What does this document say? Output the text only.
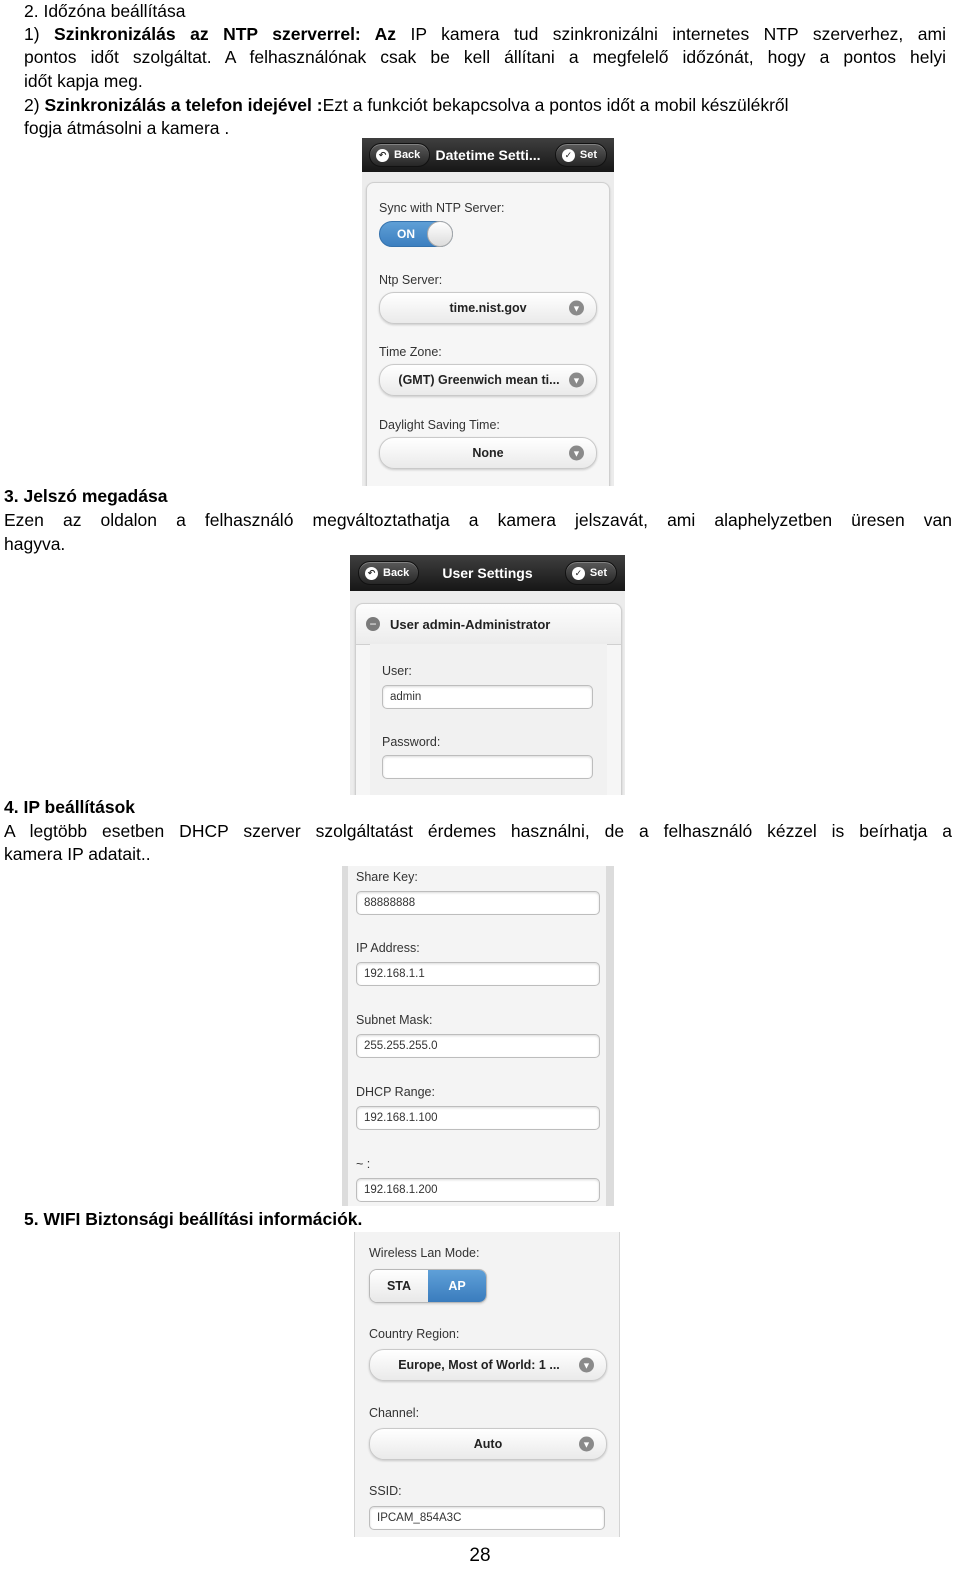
2. Időzóna beállítása

1) Szinkronizálás az NTP szerverrel: Az IP kamera tud szinkronizálni internetes NTP szerverhez, ami

pontos időt szolgáltat. A felhasználónak csak be kell állítani a megfelelő időzónát, hogy a pontos helyi

időt kapja meg.

2) Szinkronizálás a telefon idejével :Ezt a funkciót bekapcsolva a pontos időt a mobil készülékről

fogja átmásolni a kamera .

↶ Back Datetime Setti...	✓ Set
Sync with NTP Server:
ON
Ntp Server:
time.nist.gov	▼
Time Zone:
(GMT) Greenwich mean ti...	▼
Daylight Saving Time:
None	▼

3. Jelszó megadása

Ezen az oldalon a felhasználó megváltoztathatja a kamera jelszavát, ami alaphelyzetben üresen van

hagyva.

↶ Back	User Settings	✓ Set
− User admin-Administrator
User:
admin
Password:

4. IP beállítások

A legtöbb esetben DHCP szerver szolgáltatást érdemes használni, de a felhasználó kézzel is beírhatja a

kamera IP adatait..

Share Key:
88888888
IP Address:
192.168.1.1
Subnet Mask:
255.255.255.0
DHCP Range:
192.168.1.100
~ :
192.168.1.200

5. WIFI Biztonsági beállítási információk.

Wireless Lan Mode:
STA	AP
Country Region:
Europe, Most of World: 1 ...	▼
Channel:
Auto	▼
SSID:
IPCAM_854A3C
28
